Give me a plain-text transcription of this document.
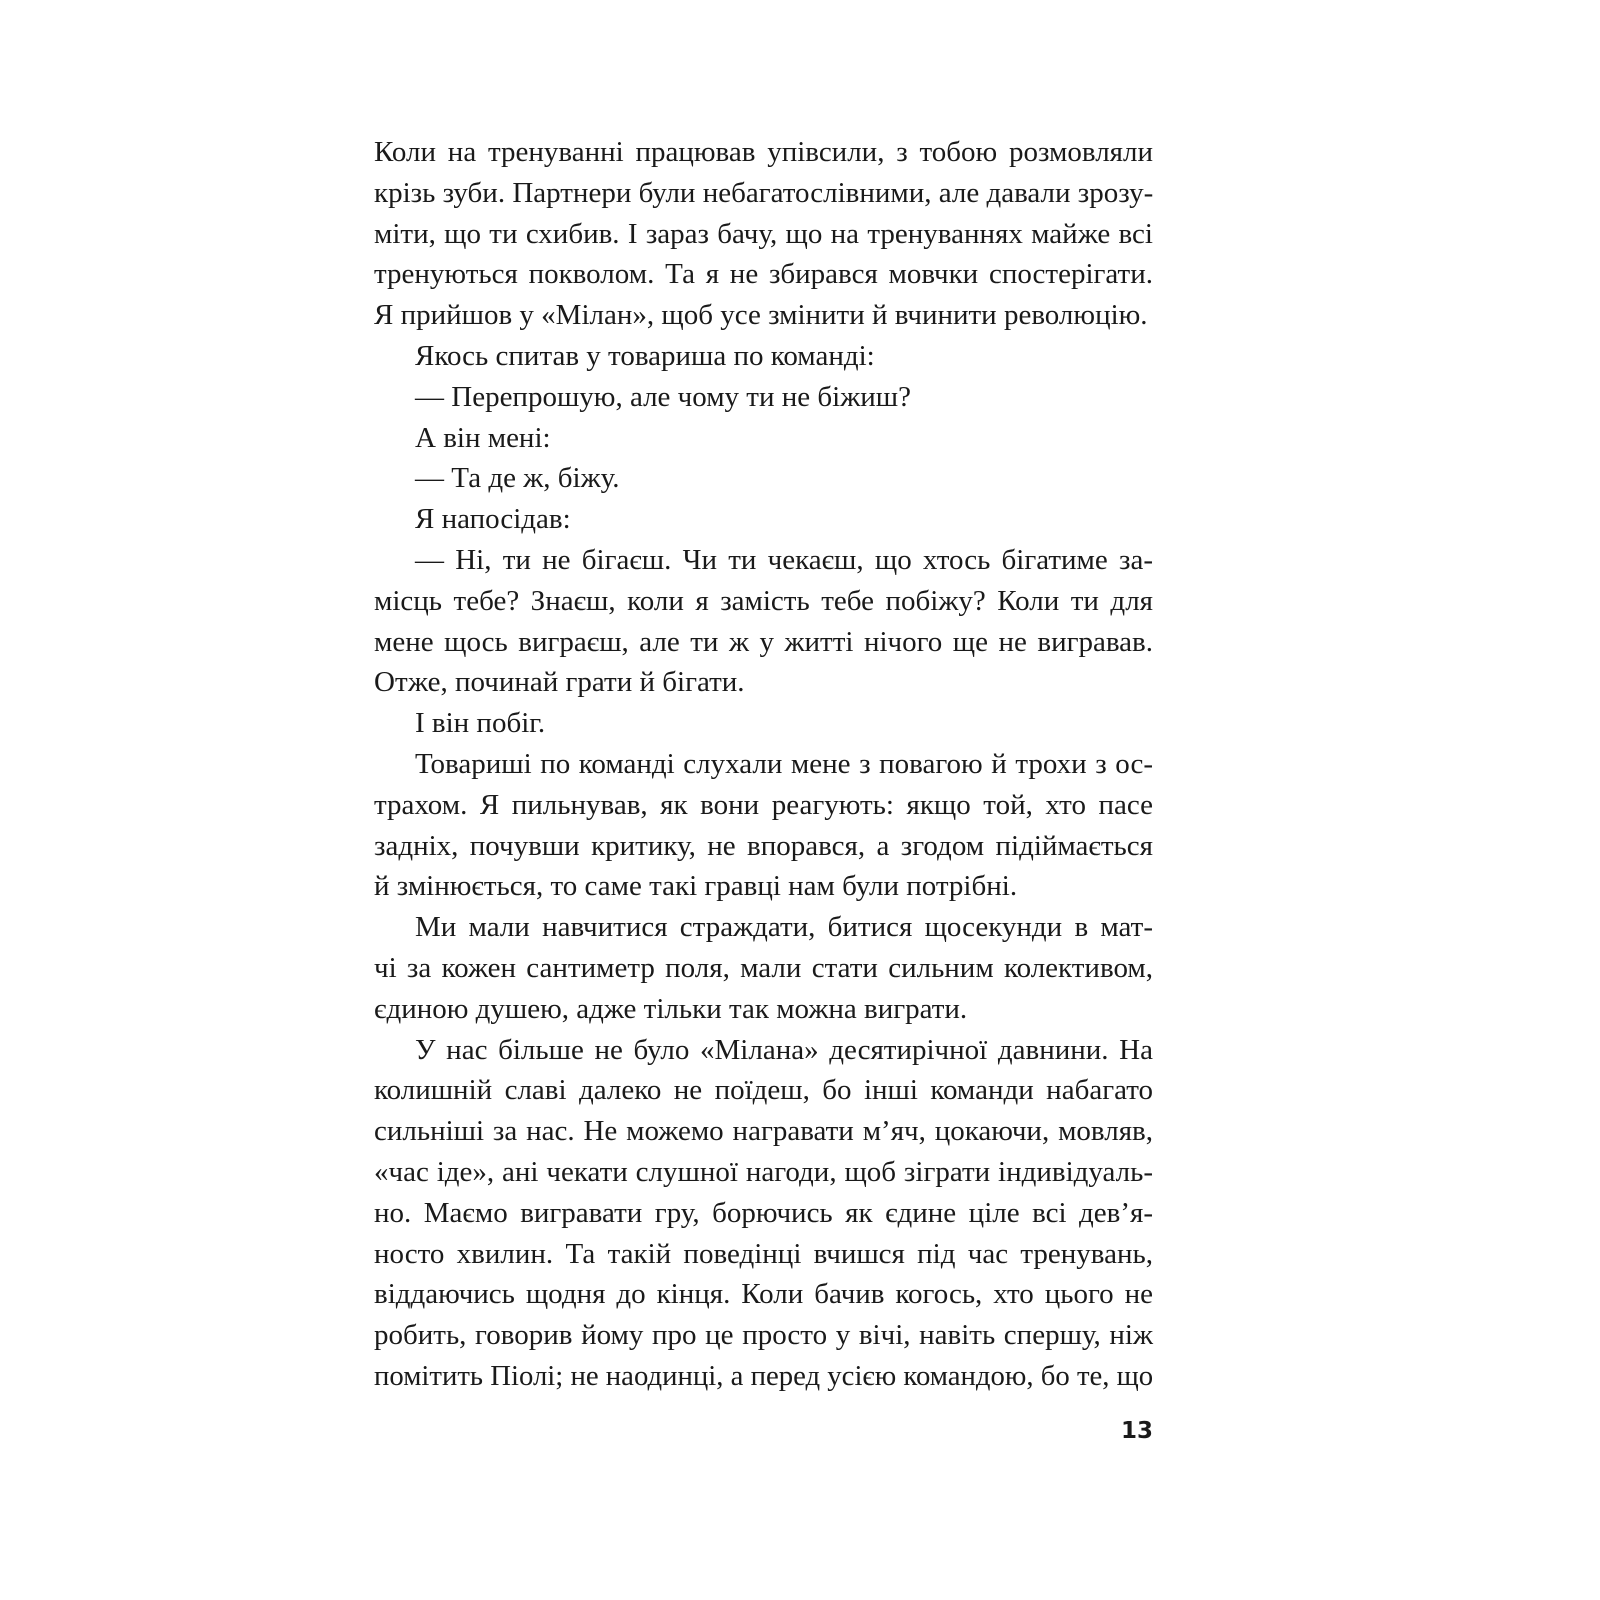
Коли на тренуванні працював упівсили, з тобою розмовляли
крізь зуби. Партнери були небагатослівними, але давали зрозу-
міти, що ти схибив. І зараз бачу, що на тренуваннях майже всі
тренуються покволом. Та я не збирався мовчки спостерігати.
Я прийшов у «Мілан», щоб усе змінити й вчинити революцію.
Якось спитав у товариша по команді:
— Перепрошую, але чому ти не біжиш?
А він мені:
— Та де ж, біжу.
Я напосідав:
— Ні, ти не бігаєш. Чи ти чекаєш, що хтось бігатиме за-
місць тебе? Знаєш, коли я замість тебе побіжу? Коли ти для
мене щось виграєш, але ти ж у житті нічого ще не вигравав.
Отже, починай грати й бігати.
І він побіг.
Товариші по команді слухали мене з повагою й трохи з ос-
трахом. Я пильнував, як вони реагують: якщо той, хто пасе
задніх, почувши критику, не впорався, а згодом підіймається
й змінюється, то саме такі гравці нам були потрібні.
Ми мали навчитися страждати, битися щосекунди в мат-
чі за кожен сантиметр поля, мали стати сильним колективом,
єдиною душею, адже тільки так можна виграти.
У нас більше не було «Мілана» десятирічної давнини. На
колишній славі далеко не поїдеш, бо інші команди набагато
сильніші за нас. Не можемо награвати м’яч, цокаючи, мовляв,
«час іде», ані чекати слушної нагоди, щоб зіграти індивідуаль-
но. Маємо вигравати гру, борючись як єдине ціле всі дев’я-
носто хвилин. Та такій поведінці вчишся під час тренувань,
віддаючись щодня до кінця. Коли бачив когось, хто цього не
робить, говорив йому про це просто у вічі, навіть спершу, ніж
помітить Піолі; не наодинці, а перед усією командою, бо те, що
13
